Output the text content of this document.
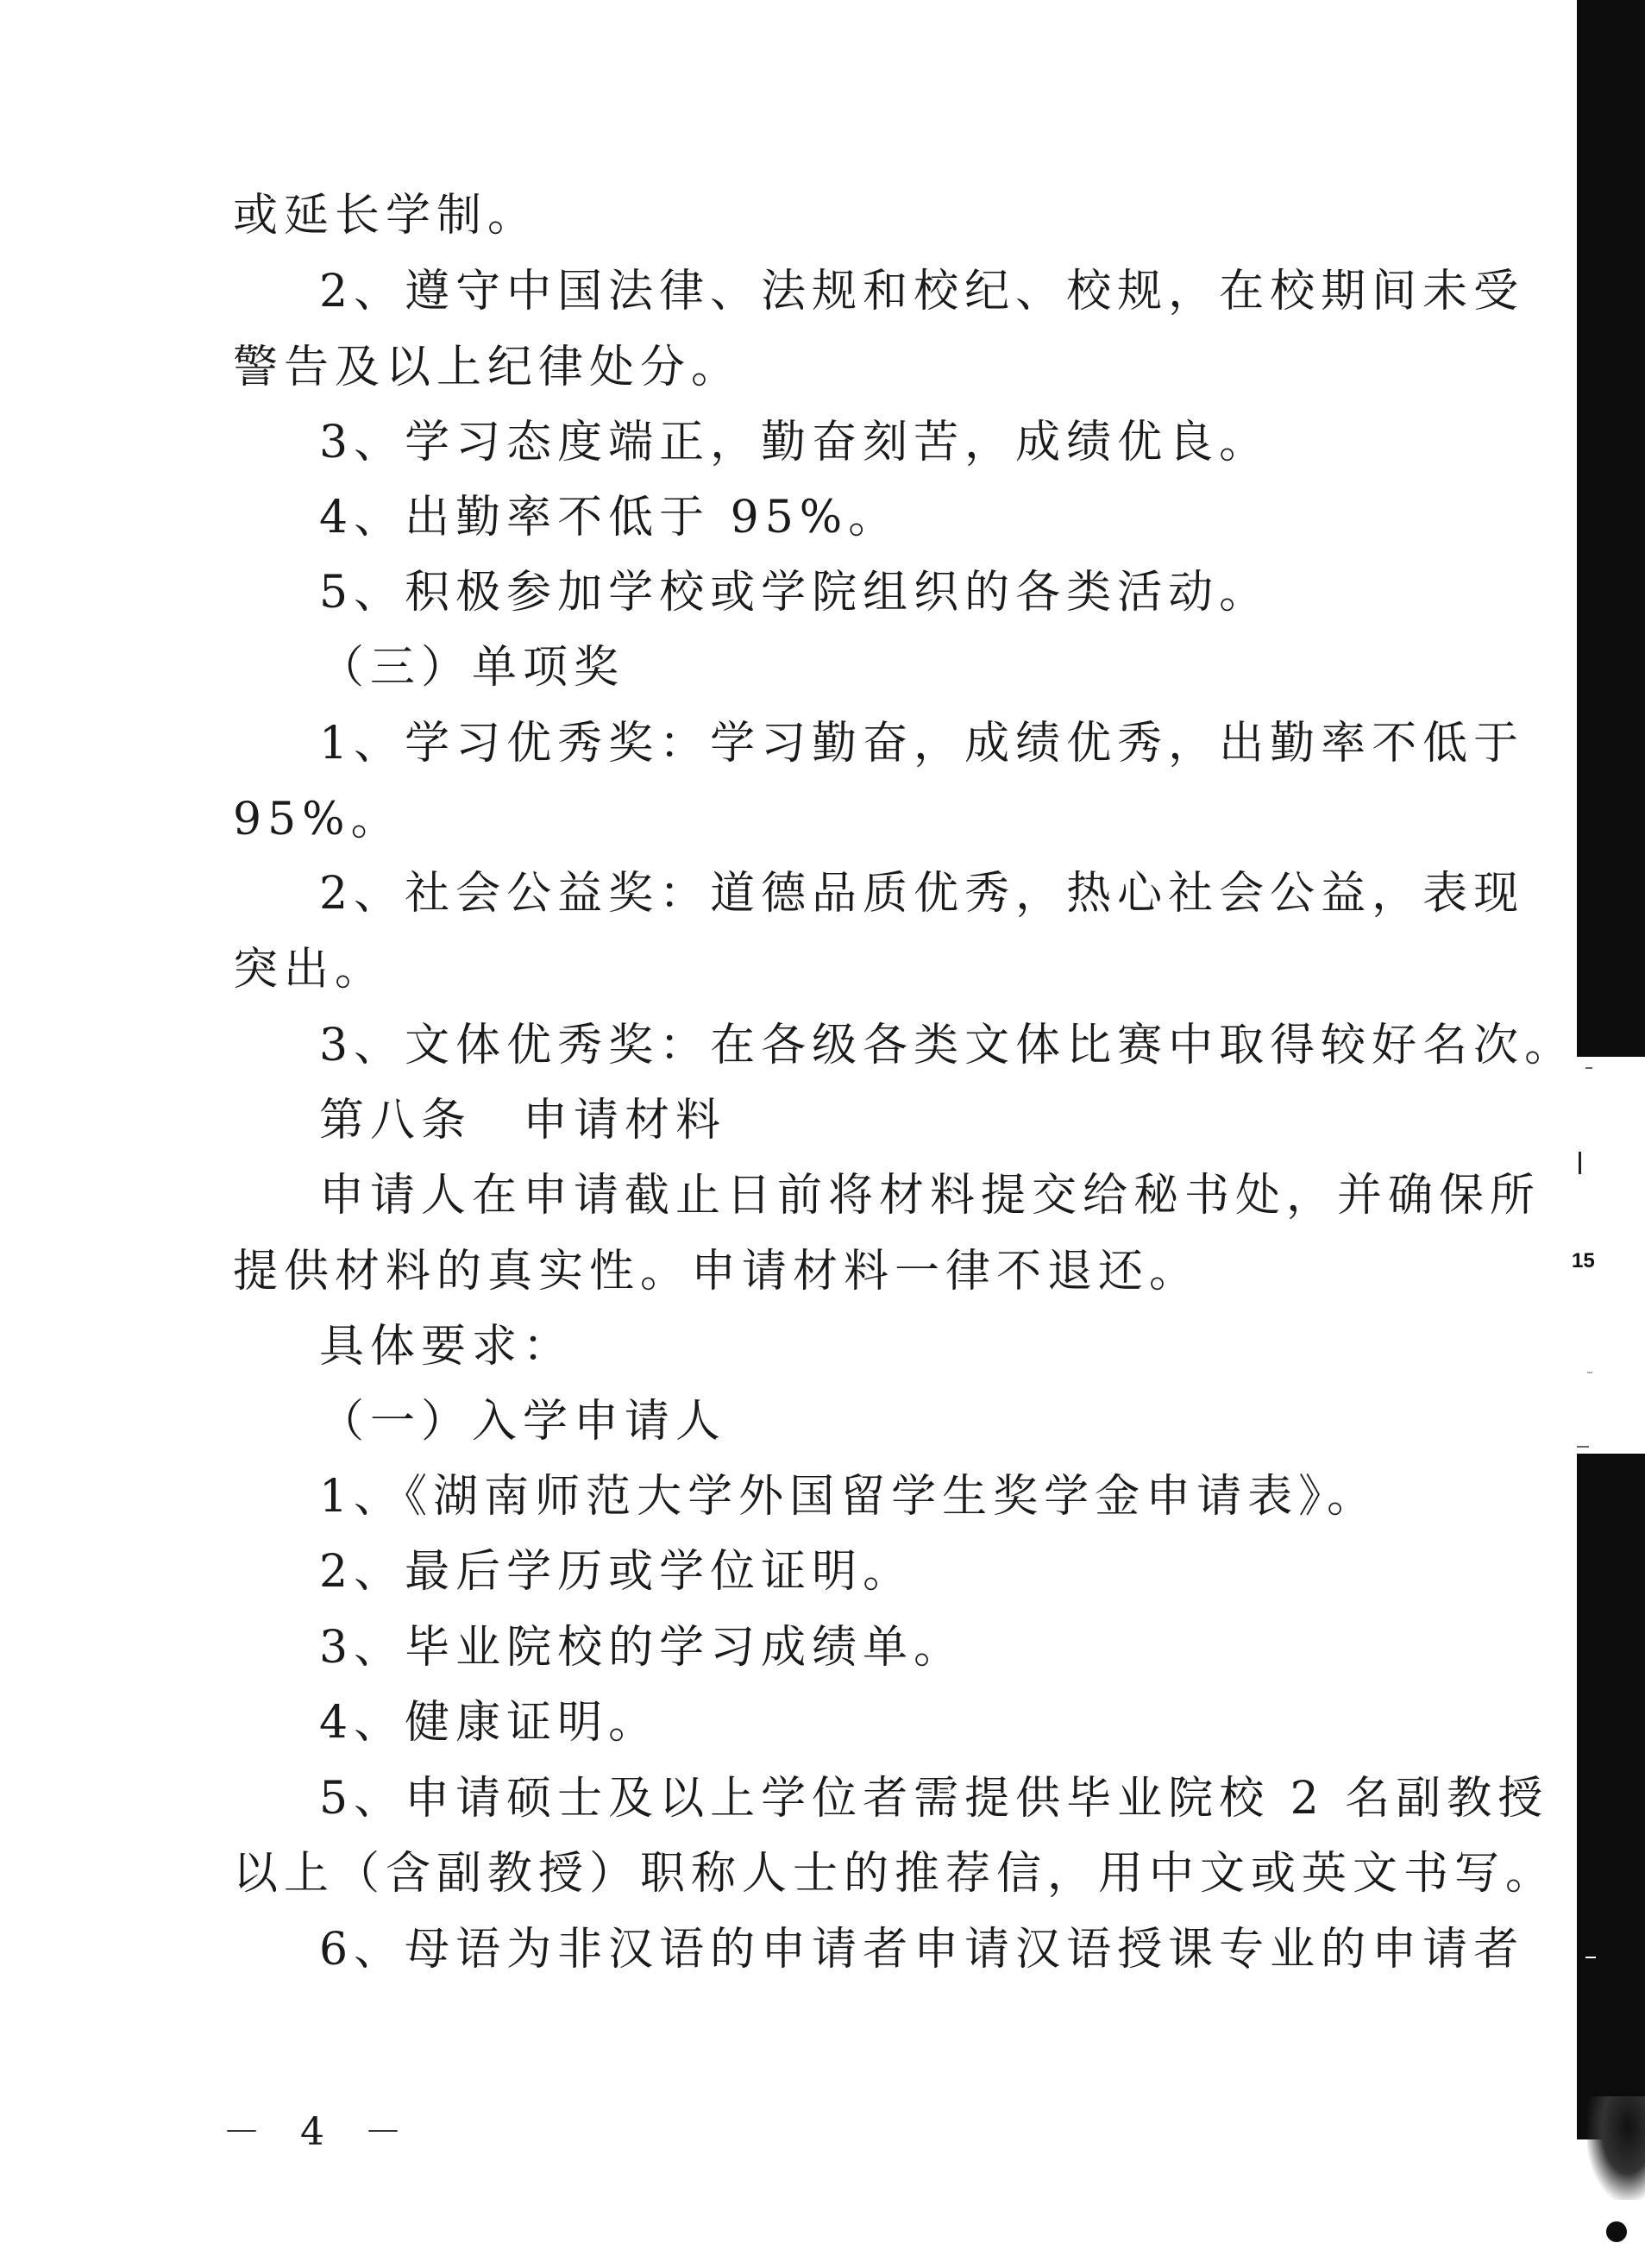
或延长学制。
2、遵守中国法律、法规和校纪、校规，在校期间未受
警告及以上纪律处分。
3、学习态度端正，勤奋刻苦，成绩优良。
4、出勤率不低于 95%。
5、积极参加学校或学院组织的各类活动。
（三）单项奖
1、学习优秀奖：学习勤奋，成绩优秀，出勤率不低于
95%。
2、社会公益奖：道德品质优秀，热心社会公益，表现
突出。
3、文体优秀奖：在各级各类文体比赛中取得较好名次。
第八条　申请材料
申请人在申请截止日前将材料提交给秘书处，并确保所
提供材料的真实性。申请材料一律不退还。
具体要求：
（一）入学申请人
1、《湖南师范大学外国留学生奖学金申请表》。
2、最后学历或学位证明。
3、毕业院校的学习成绩单。
4、健康证明。
5、申请硕士及以上学位者需提供毕业院校 2 名副教授
以上（含副教授）职称人士的推荐信，用中文或英文书写。
6、母语为非汉语的申请者申请汉语授课专业的申请者
－ 4 －
15
